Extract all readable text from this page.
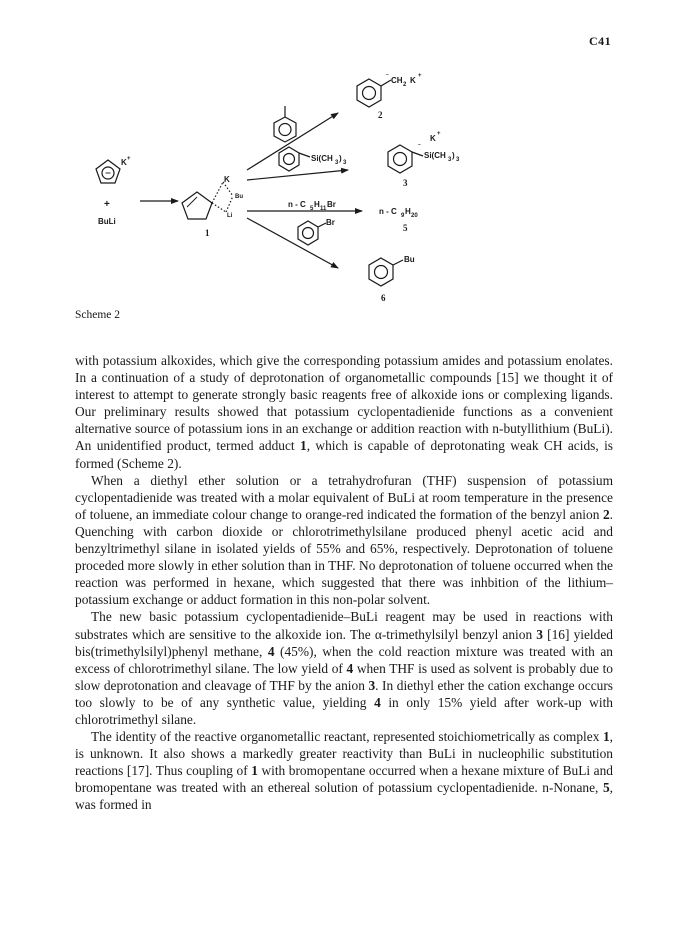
C41
K +
+
BuLi
K
Bu
Li
1
−
CH 2 K +
2
Si(CH 3 ) 3
−
K +
Si(CH 3 ) 3
3
n - C 5 H 11 Br
n - C 9 H 20
5
Br
Bu
6
Scheme 2

with potassium alkoxides, which give the corresponding potassium amides and potassium enolates. In a continuation of a study of deprotonation of organometallic compounds [15] we thought it of interest to attempt to generate strongly basic reagents free of alkoxide ions or complexing ligands. Our preliminary results showed that potassium cyclopentadienide functions as a convenient alternative source of potassium ions in an exchange or addition reaction with n-butyllithium (BuLi). An unidentified product, termed adduct 1, which is capable of deprotonating weak CH acids, is formed (Scheme 2).

When a diethyl ether solution or a tetrahydrofuran (THF) suspension of potassium cyclopentadienide was treated with a molar equivalent of BuLi at room temperature in the presence of toluene, an immediate colour change to orange-red indicated the formation of the benzyl anion 2. Quenching with carbon dioxide or chlorotrimethylsilane produced phenyl acetic acid and benzyltrimethyl silane in isolated yields of 55% and 65%, respectively. Deprotonation of toluene proceded more slowly in ether solution than in THF. No deprotonation of toluene occurred when the reaction was performed in hexane, which suggested that there was inhbition of the lithium–potassium exchange or adduct formation in this non-polar solvent.

The new basic potassium cyclopentadienide–BuLi reagent may be used in reactions with substrates which are sensitive to the alkoxide ion. The α-trimethylsilyl benzyl anion 3 [16] yielded bis(trimethylsilyl)phenyl methane, 4 (45%), when the cold reaction mixture was treated with an excess of chlorotrimethyl silane. The low yield of 4 when THF is used as solvent is probably due to slow deprotonation and cleavage of THF by the anion 3. In diethyl ether the cation exchange occurs too slowly to be of any synthetic value, yielding 4 in only 15% yield after work-up with chlorotrimethyl silane.

The identity of the reactive organometallic reactant, represented stoichiometrically as complex 1, is unknown. It also shows a markedly greater reactivity than BuLi in nucleophilic substitution reactions [17]. Thus coupling of 1 with bromopentane occurred when a hexane mixture of BuLi and bromopentane was treated with an ethereal solution of potassium cyclopentadienide. n-Nonane, 5, was formed in
